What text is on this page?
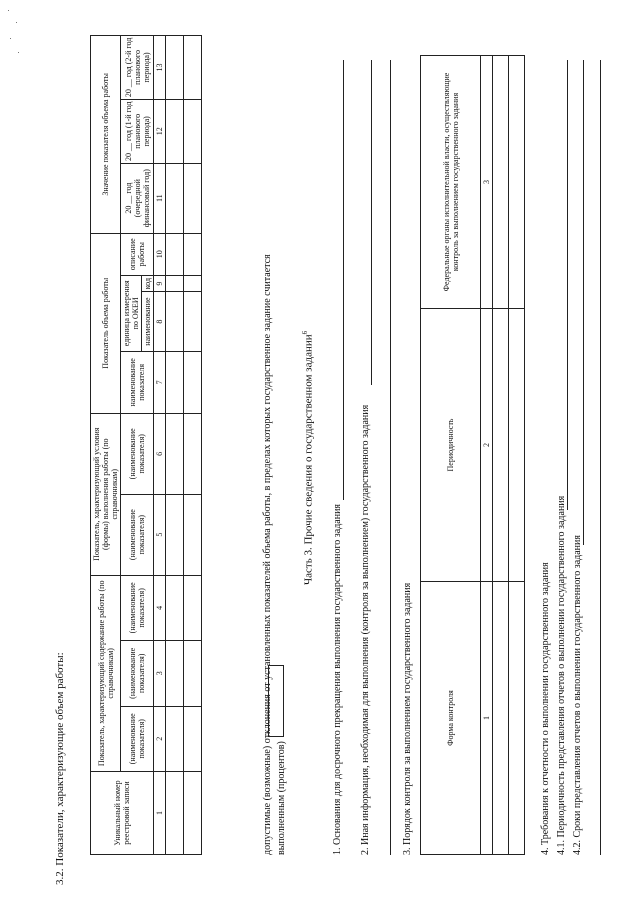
3.2. Показатели, характеризующие объем работы:	Уникальный номер реестровой записи	Показатель, характеризующий содержание работы (по справочникам)			Показатель, характеризующий условия (формы) выполнения работы (по справочникам)		Показатель объема работы				Значение показателя объема работы		
	(наименование показателя)	(наименование показателя)	(наименование показателя)	(наименование показателя)	(наименование показателя)	наименование показателя	единица измерения по ОКЕИ		описание работы	20 __ год (очередной финансовый год)	20 __ год (1-й год планового периода)	20 __ год (2-й год планового периода)
							наименование	код				
1	2	3	4	5	6	7	8	9	10	11	12	13

допустимые (возможные) отклонения от установленных показателей объема работы, в пределах которых государственное задание считается выполненным (процентов)
Часть 3. Прочие сведения о государственном задании$^6$
1. Основания для досрочного прекращения выполнения государственного задания 2. Иная информация, необходимая для выполнения (контроля за выполнением) государственного задания	3. Порядок контроля за выполнением государственного задания	Форма контроля	Периодичность	Федеральные органы исполнительной власти, осуществляющие контроль за выполнением государственного задания
1	2	3

4. Требования к отчетности о выполнении государственного задания 4.1. Периодичность представления отчетов о выполнении государственного задания 4.2. Сроки представления отчетов о выполнении государственного задания
